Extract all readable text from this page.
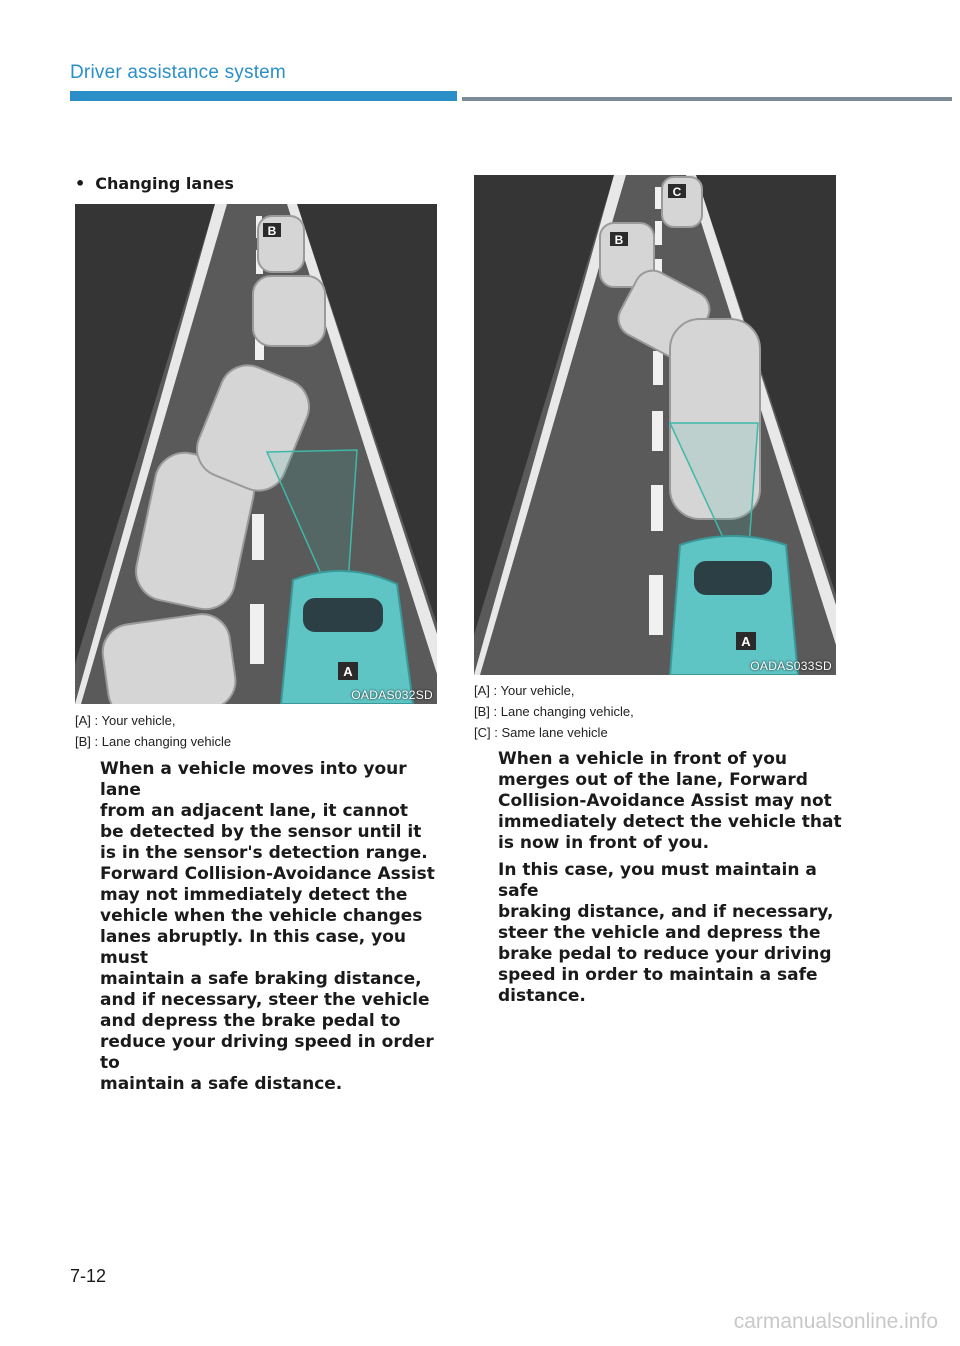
Driver assistance system
• Changing lanes
A
B
OADAS032SD
[A] : Your vehicle,
[B] : Lane changing vehicle
When a vehicle moves into your lane
from an adjacent lane, it cannot
be detected by the sensor until it
is in the sensor's detection range.
Forward Collision-Avoidance Assist
may not immediately detect the
vehicle when the vehicle changes
lanes abruptly. In this case, you must
maintain a safe braking distance,
and if necessary, steer the vehicle
and depress the brake pedal to
reduce your driving speed in order to
maintain a safe distance.
A
B
C
OADAS033SD
[A] : Your vehicle,
[B] : Lane changing vehicle,
[C] : Same lane vehicle

When a vehicle in front of you
merges out of the lane, Forward
Collision-Avoidance Assist may not
immediately detect the vehicle that
is now in front of you.

In this case, you must maintain a safe
braking distance, and if necessary,
steer the vehicle and depress the
brake pedal to reduce your driving
speed in order to maintain a safe
distance.

7-12
carmanualsonline.info
